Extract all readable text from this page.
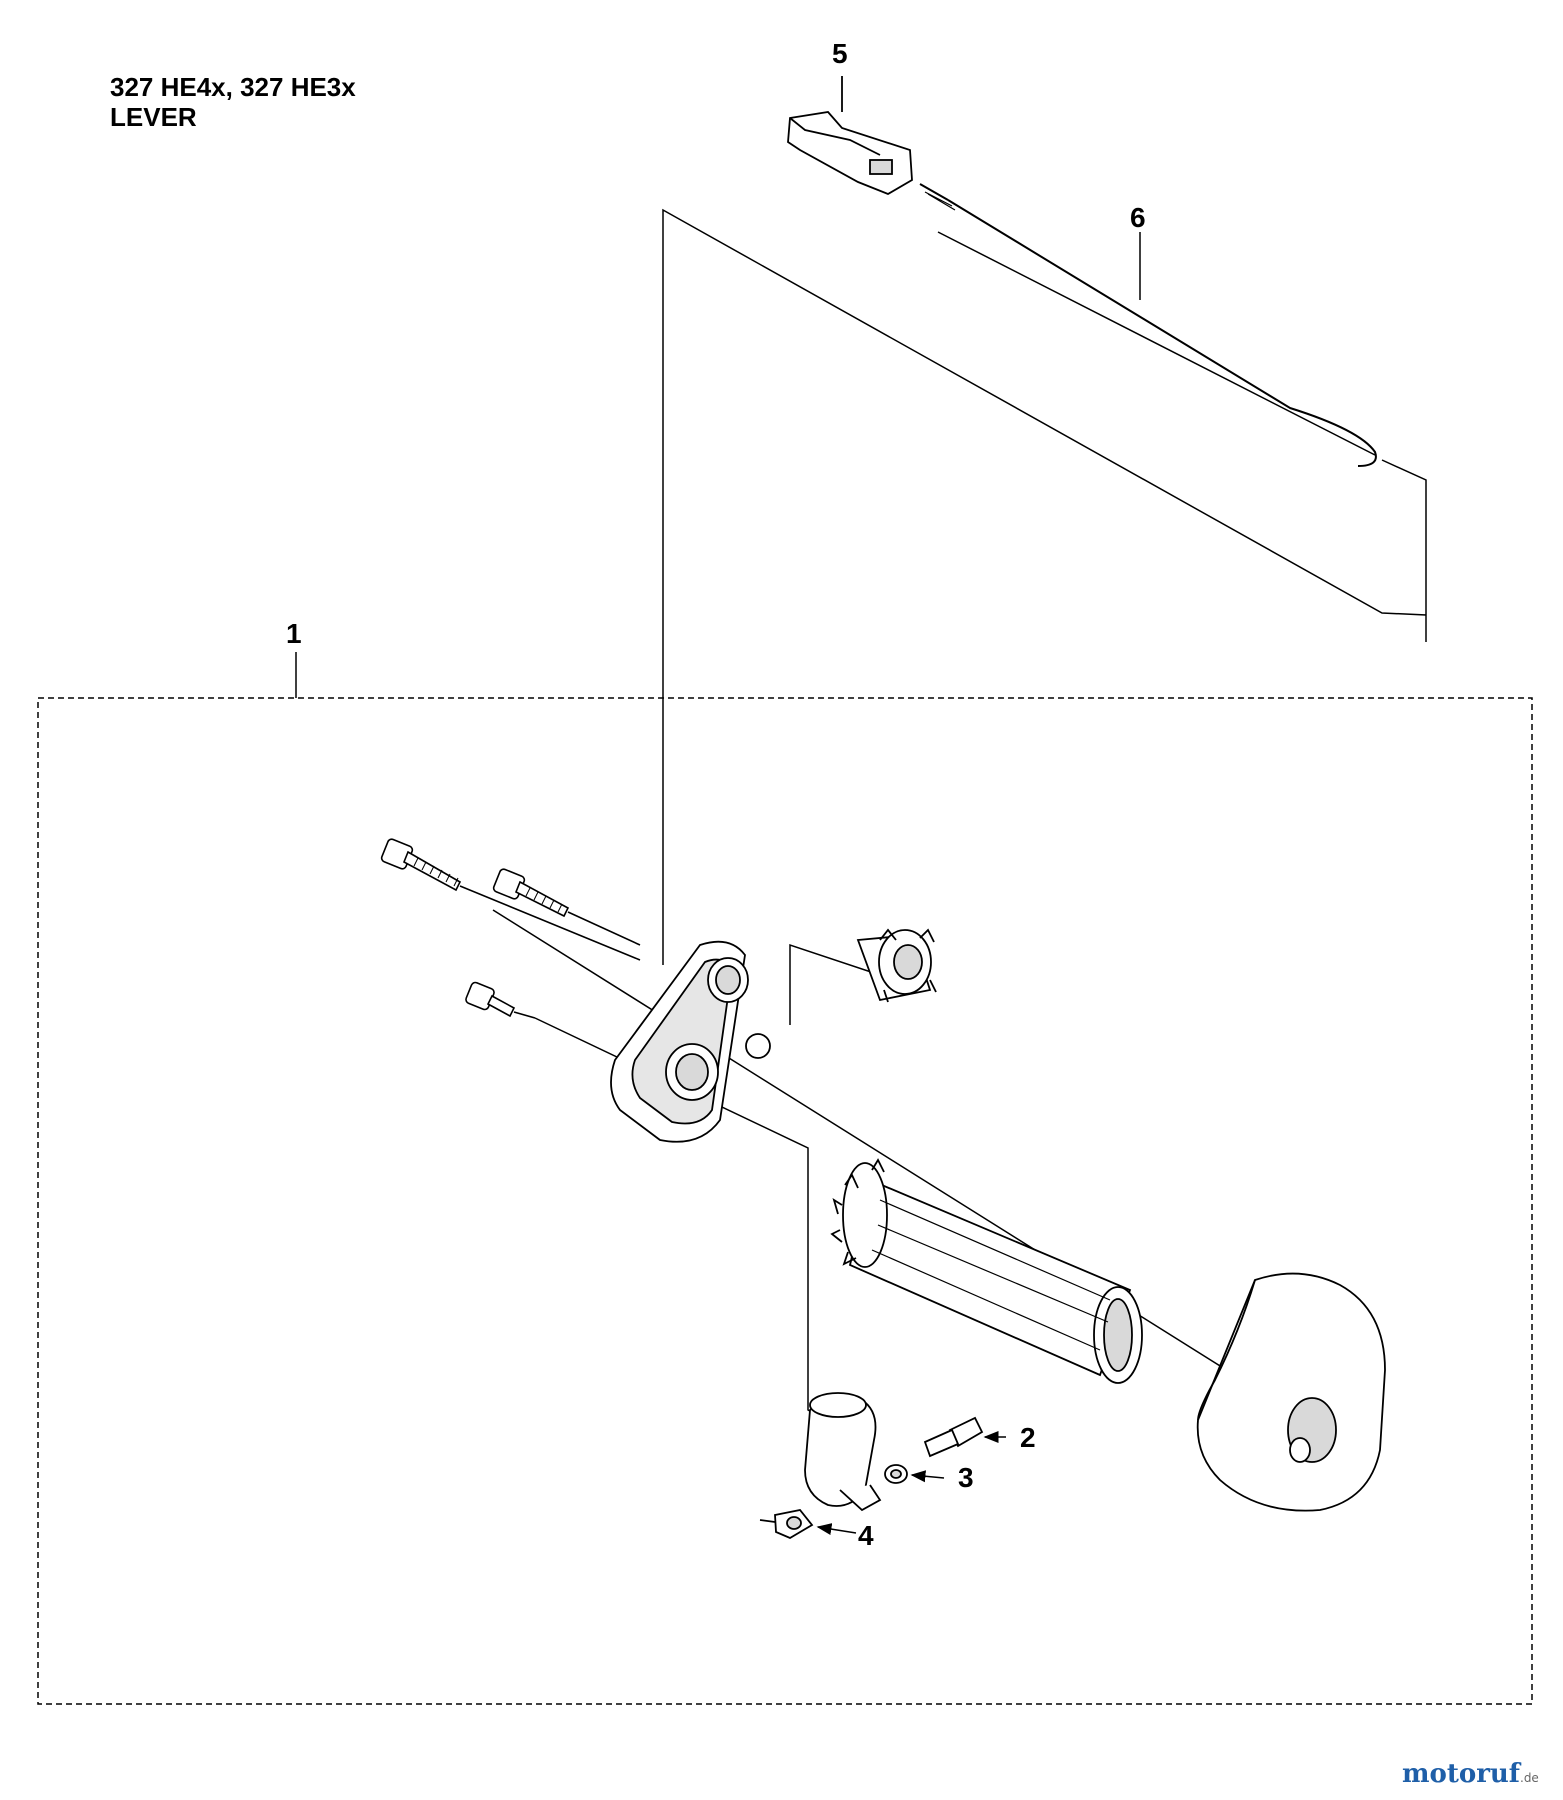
327 HE4x, 327 HE3x
LEVER
1
2
3
4
5
6
motoruf.de
